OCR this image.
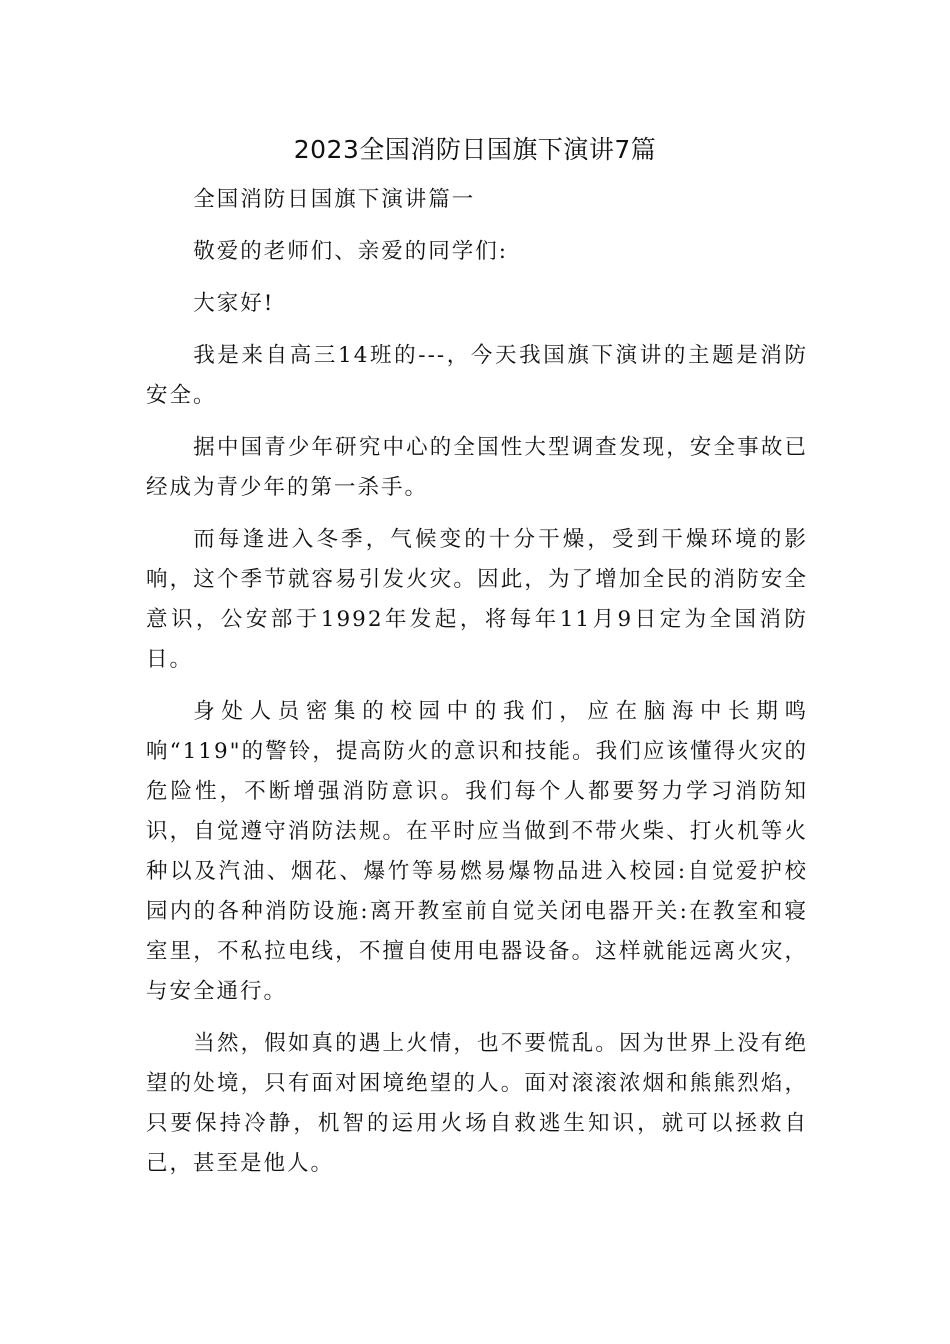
2023全国消防日国旗下演讲7篇

全国消防日国旗下演讲篇一

敬爱的老师们、亲爱的同学们:

大家好!

我是来自高三14班的---，今天我国旗下演讲的主题是消防安全。

据中国青少年研究中心的全国性大型调查发现，安全事故已经成为青少年的第一杀手。

而每逢进入冬季，气候变的十分干燥，受到干燥环境的影响，这个季节就容易引发火灾。因此，为了增加全民的消防安全意识，公安部于1992年发起，将每年11月9日定为全国消防日。

身处人员密集的校园中的我们，应在脑海中长期鸣响“119"的警铃，提高防火的意识和技能。我们应该懂得火灾的危险性，不断增强消防意识。我们每个人都要努力学习消防知识，自觉遵守消防法规。在平时应当做到不带火柴、打火机等火种以及汽油、烟花、爆竹等易燃易爆物品进入校园:自觉爱护校园内的各种消防设施:离开教室前自觉关闭电器开关:在教室和寝室里，不私拉电线，不擅自使用电器设备。这样就能远离火灾，与安全通行。

当然，假如真的遇上火情，也不要慌乱。因为世界上没有绝望的处境，只有面对困境绝望的人。面对滚滚浓烟和熊熊烈焰，只要保持冷静，机智的运用火场自救逃生知识，就可以拯救自己，甚至是他人。
